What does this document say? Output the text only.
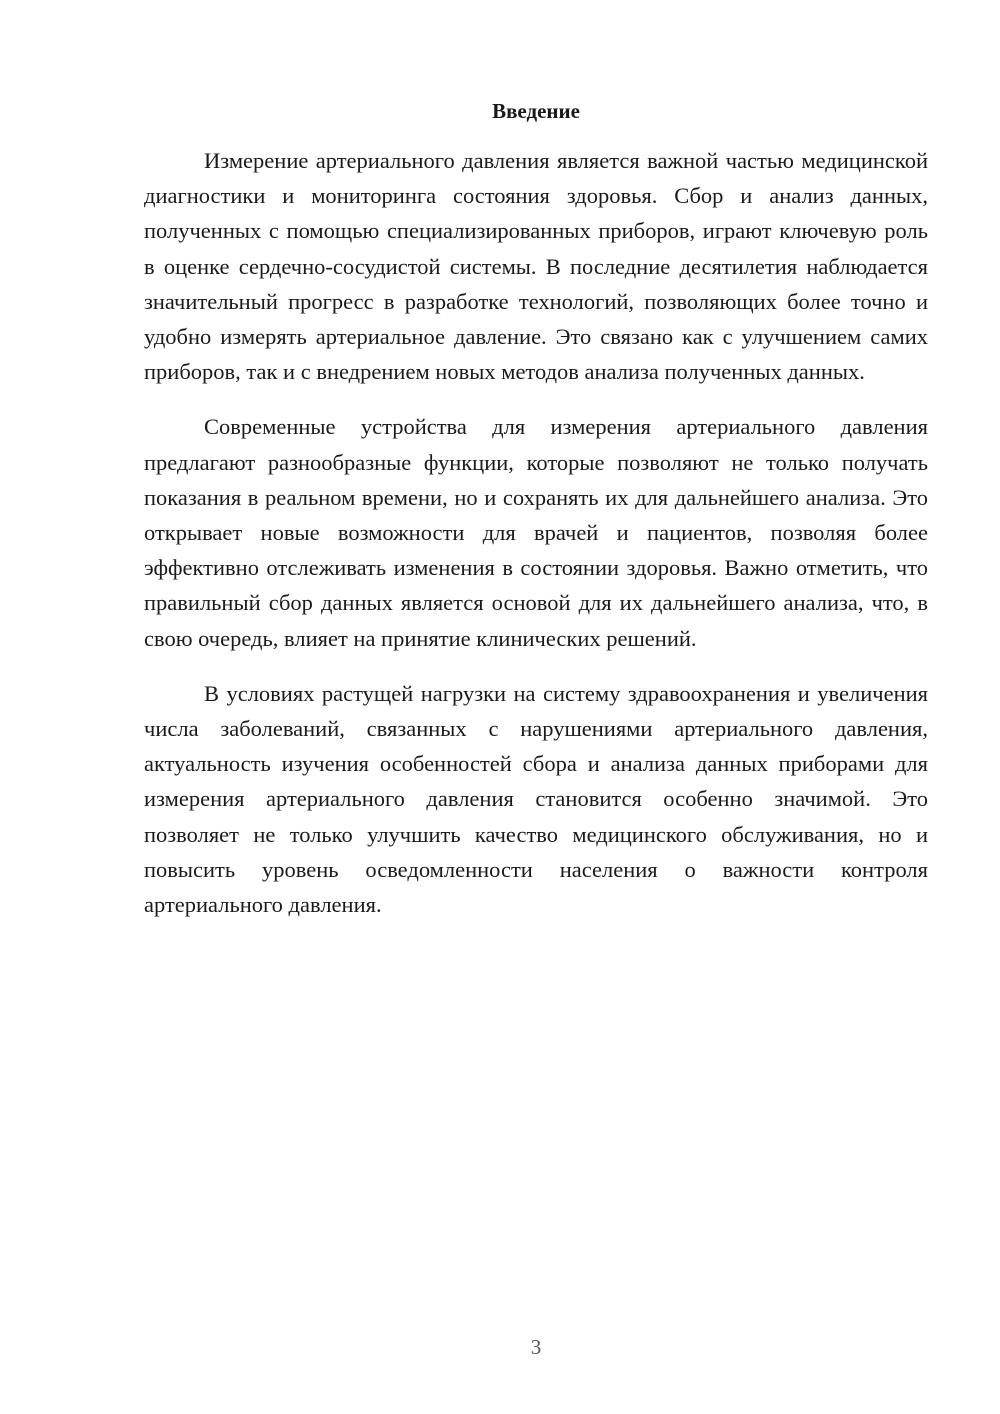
Введение

Измерение артериального давления является важной частью медицинской диагностики и мониторинга состояния здоровья. Сбор и анализ данных, полученных с помощью специализированных приборов, играют ключевую роль в оценке сердечно-сосудистой системы. В последние десятилетия наблюдается значительный прогресс в разработке технологий, позволяющих более точно и удобно измерять артериальное давление. Это связано как с улучшением самих приборов, так и с внедрением новых методов анализа полученных данных.

Современные устройства для измерения артериального давления предлагают разнообразные функции, которые позволяют не только получать показания в реальном времени, но и сохранять их для дальнейшего анализа. Это открывает новые возможности для врачей и пациентов, позволяя более эффективно отслеживать изменения в состоянии здоровья. Важно отметить, что правильный сбор данных является основой для их дальнейшего анализа, что, в свою очередь, влияет на принятие клинических решений.

В условиях растущей нагрузки на систему здравоохранения и увеличения числа заболеваний, связанных с нарушениями артериального давления, актуальность изучения особенностей сбора и анализа данных приборами для измерения артериального давления становится особенно значимой. Это позволяет не только улучшить качество медицинского обслуживания, но и повысить уровень осведомленности населения о важности контроля артериального давления.

3
